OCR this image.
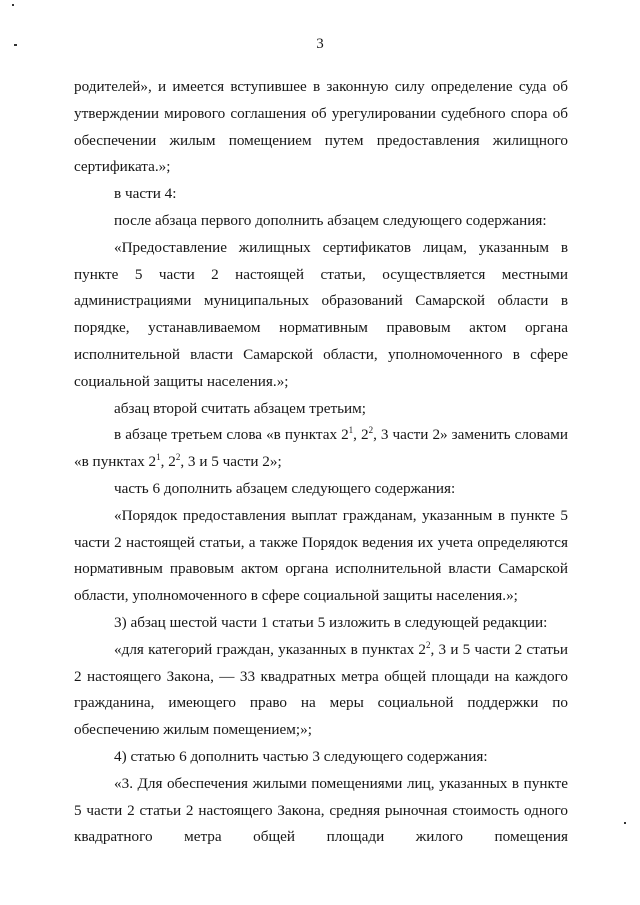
3

родителей», и имеется вступившее в законную силу определение суда об утверждении мирового соглашения об урегулировании судебного спора об обеспечении жилым помещением путем предоставления жилищного сертификата.»;

в части 4:

после абзаца первого дополнить абзацем следующего содержания:

«Предоставление жилищных сертификатов лицам, указанным в пункте 5 части 2 настоящей статьи, осуществляется местными администрациями муниципальных образований Самарской области в порядке, устанавливаемом нормативным правовым актом органа исполнительной власти Самарской области, уполномоченного в сфере социальной защиты населения.»;

абзац второй считать абзацем третьим;

в абзаце третьем слова «в пунктах $2^1$, $2^2$, 3 части 2» заменить словами «в пунктах $2^1$, $2^2$, 3 и 5 части 2»;

часть 6 дополнить абзацем следующего содержания:

«Порядок предоставления выплат гражданам, указанным в пункте 5 части 2 настоящей статьи, а также Порядок ведения их учета определяются нормативным правовым актом органа исполнительной власти Самарской области, уполномоченного в сфере социальной защиты населения.»;

3) абзац шестой части 1 статьи 5 изложить в следующей редакции:

«для категорий граждан, указанных в пунктах $2^2$, 3 и 5 части 2 статьи 2 настоящего Закона, — 33 квадратных метра общей площади на каждого гражданина, имеющего право на меры социальной поддержки по обеспечению жилым помещением;»;

4) статью 6 дополнить частью 3 следующего содержания:

«3. Для обеспечения жилыми помещениями лиц, указанных в пункте 5 части 2 статьи 2 настоящего Закона, средняя рыночная стоимость одного квадратного метра общей площади жилого помещения
